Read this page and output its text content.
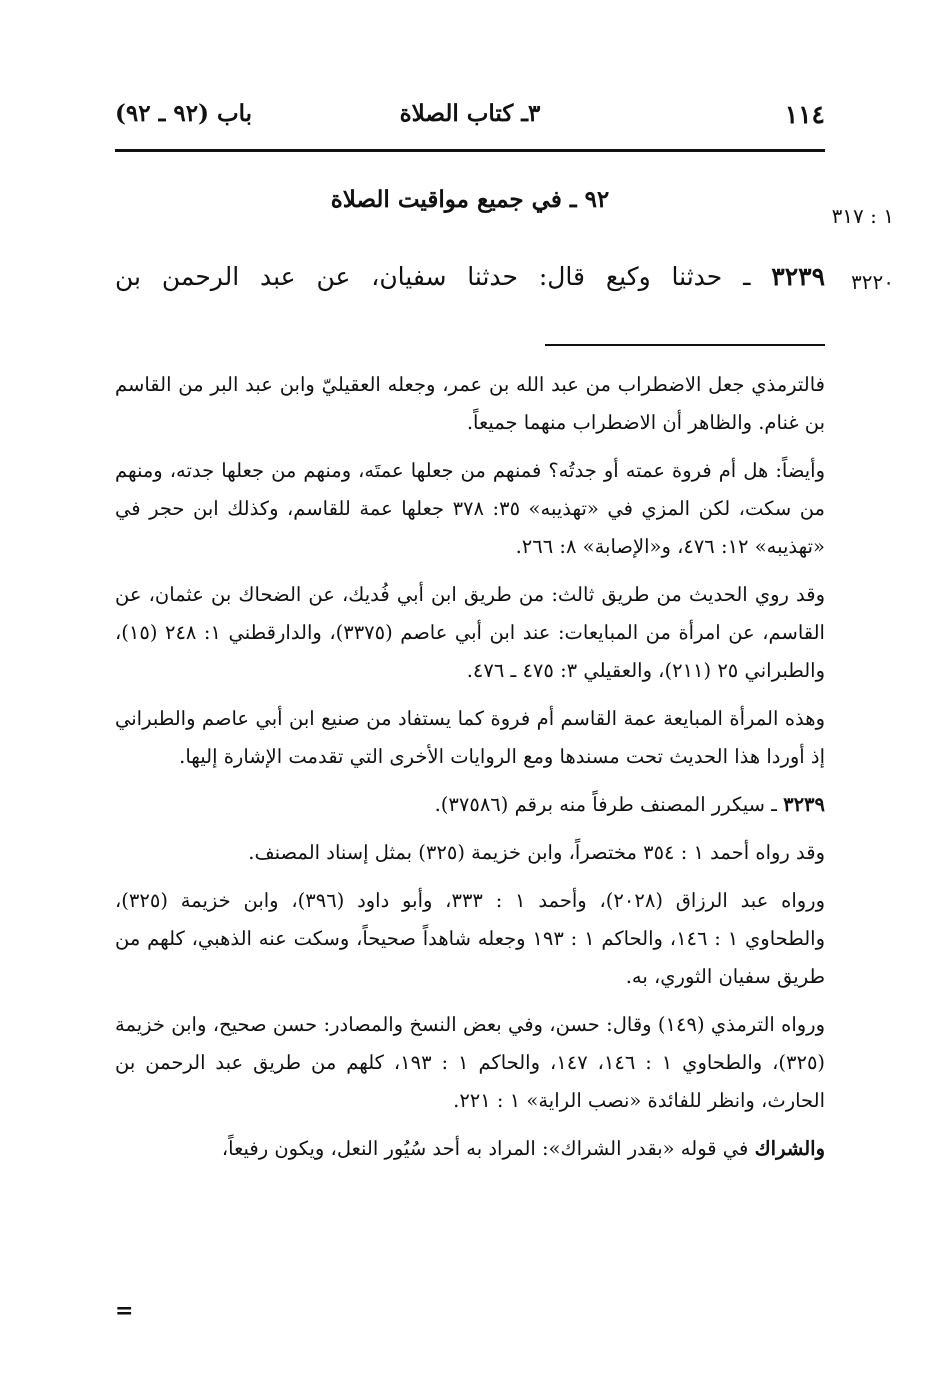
١١٤
٣ـ كتاب الصلاة
باب (٩٢ ـ ٩٢)
٩٢ ـ في جميع مواقيت الصلاة
١ : ٣١٧
٣٢٢٠
٣٢٣٩ ـ حدثنا وكيع قال: حدثنا سفيان، عن عبد الرحمن بن

فالترمذي جعل الاضطراب من عبد الله بن عمر، وجعله العقيليّ وابن عبد البر من القاسم بن غنام. والظاهر أن الاضطراب منهما جميعاً.

وأيضاً: هل أم فروة عمته أو جدتُه؟ فمنهم من جعلها عمتَه، ومنهم من جعلها جدته، ومنهم من سكت، لكن المزي في «تهذيبه» ٣٥: ٣٧٨ جعلها عمة للقاسم، وكذلك ابن حجر في «تهذيبه» ١٢: ٤٧٦، و«الإصابة» ٨: ٢٦٦.

وقد روي الحديث من طريق ثالث: من طريق ابن أبي فُديك، عن الضحاك بن عثمان، عن القاسم، عن امرأة من المبايعات: عند ابن أبي عاصم (٣٣٧٥)، والدارقطني ١: ٢٤٨ (١٥)، والطبراني ٢٥ (٢١١)، والعقيلي ٣: ٤٧٥ ـ ٤٧٦.

وهذه المرأة المبايعة عمة القاسم أم فروة كما يستفاد من صنيع ابن أبي عاصم والطبراني إذ أوردا هذا الحديث تحت مسندها ومع الروايات الأخرى التي تقدمت الإشارة إليها.

٣٢٣٩ ـ سيكرر المصنف طرفاً منه برقم (٣٧٥٨٦).

وقد رواه أحمد ١ : ٣٥٤ مختصراً، وابن خزيمة (٣٢٥) بمثل إسناد المصنف.

ورواه عبد الرزاق (٢٠٢٨)، وأحمد ١ : ٣٣٣، وأبو داود (٣٩٦)، وابن خزيمة (٣٢٥)، والطحاوي ١ : ١٤٦، والحاكم ١ : ١٩٣ وجعله شاهداً صحيحاً، وسكت عنه الذهبي، كلهم من طريق سفيان الثوري، به.

ورواه الترمذي (١٤٩) وقال: حسن، وفي بعض النسخ والمصادر: حسن صحيح، وابن خزيمة (٣٢٥)، والطحاوي ١ : ١٤٦، ١٤٧، والحاكم ١ : ١٩٣، كلهم من طريق عبد الرحمن بن الحارث، وانظر للفائدة «نصب الراية» ١ : ٢٢١.

والشراك في قوله «بقدر الشراك»: المراد به أحد سُيُور النعل، ويكون رفيعاً،

=
